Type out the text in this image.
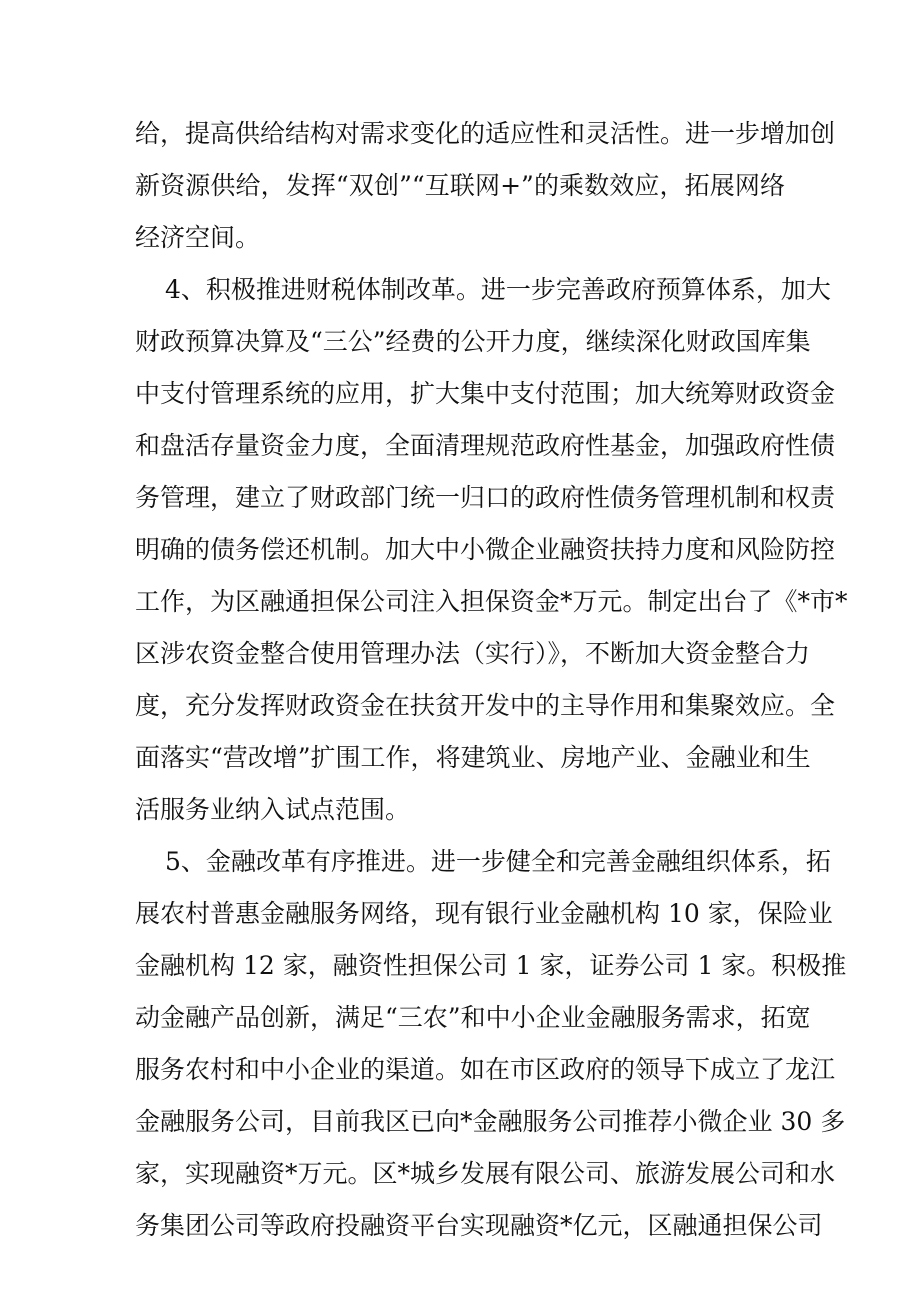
给，提高供给结构对需求变化的适应性和灵活性。进一步增加创
新资源供给，发挥“双创”“互联网+”的乘数效应，拓展网络
经济空间。
4、积极推进财税体制改革。进一步完善政府预算体系，加大
财政预算决算及“三公”经费的公开力度，继续深化财政国库集
中支付管理系统的应用，扩大集中支付范围；加大统筹财政资金
和盘活存量资金力度，全面清理规范政府性基金，加强政府性债
务管理，建立了财政部门统一归口的政府性债务管理机制和权责
明确的债务偿还机制。加大中小微企业融资扶持力度和风险防控
工作，为区融通担保公司注入担保资金*万元。制定出台了《*市*
区涉农资金整合使用管理办法（实行）》，不断加大资金整合力
度，充分发挥财政资金在扶贫开发中的主导作用和集聚效应。全
面落实“营改增”扩围工作，将建筑业、房地产业、金融业和生
活服务业纳入试点范围。
5、金融改革有序推进。进一步健全和完善金融组织体系，拓
展农村普惠金融服务网络，现有银行业金融机构 10 家，保险业
金融机构 12 家，融资性担保公司 1 家，证券公司 1 家。积极推
动金融产品创新，满足“三农”和中小企业金融服务需求，拓宽
服务农村和中小企业的渠道。如在市区政府的领导下成立了龙江
金融服务公司，目前我区已向*金融服务公司推荐小微企业 30 多
家，实现融资*万元。区*城乡发展有限公司、旅游发展公司和水
务集团公司等政府投融资平台实现融资*亿元，区融通担保公司
